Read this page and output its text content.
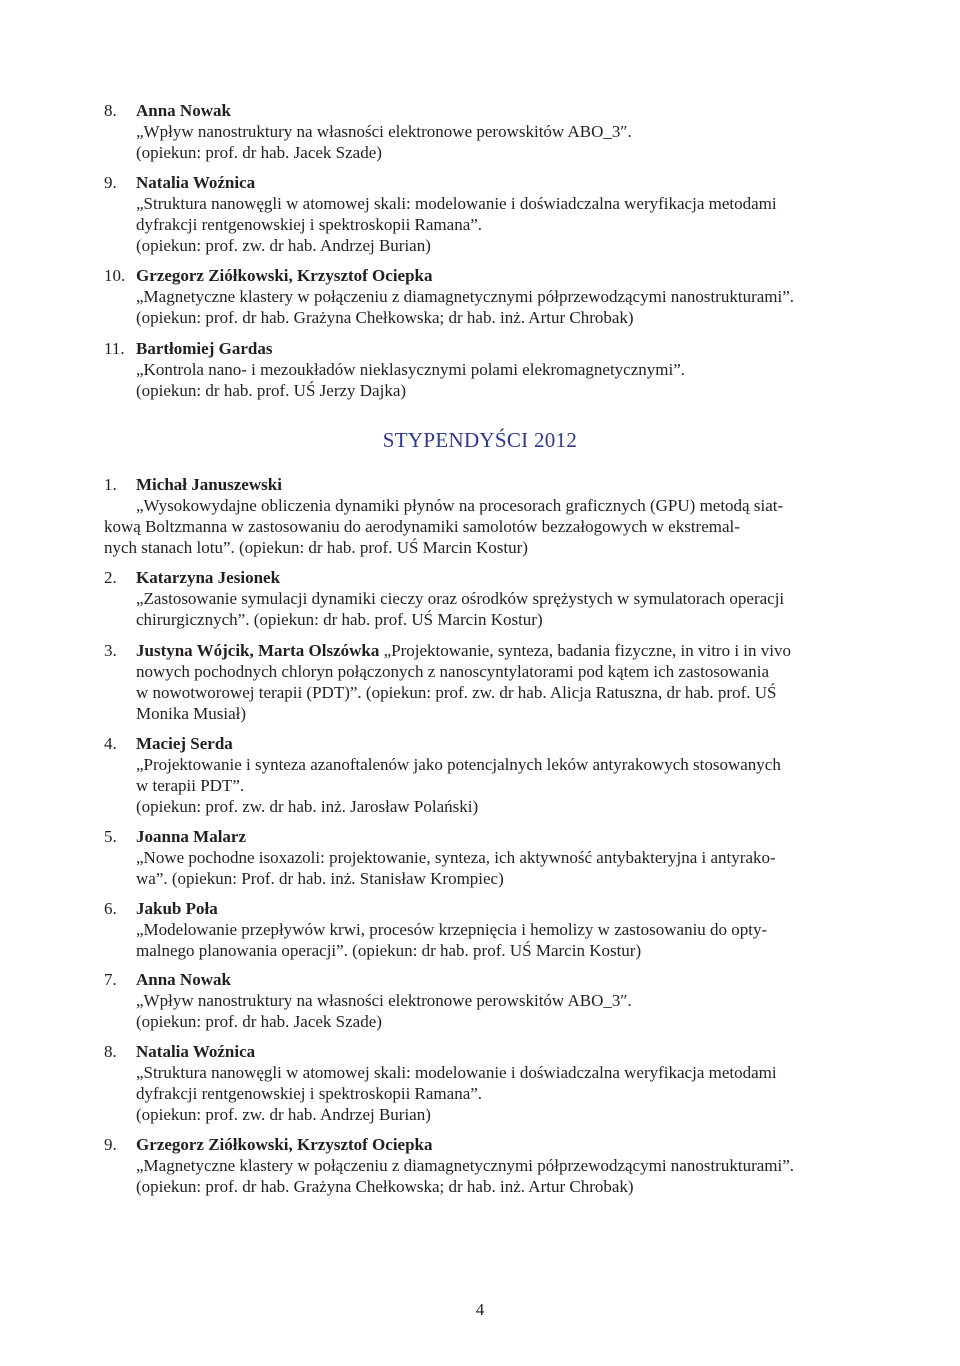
8. Anna Nowak
„Wpływ nanostruktury na własności elektronowe perowskitów ABO_3″.
(opiekun: prof. dr hab. Jacek Szade)
9. Natalia Woźnica
„Struktura nanowęgli w atomowej skali: modelowanie i doświadczalna weryfikacja metodami
dyfrakcji rentgenowskiej i spektroskopii Ramana”.
(opiekun: prof. zw. dr hab. Andrzej Burian)
10. Grzegorz Ziółkowski, Krzysztof Ociepka
„Magnetyczne klastery w połączeniu z diamagnetycznymi półprzewodzącymi nanostrukturami”.
(opiekun: prof. dr hab. Grażyna Chełkowska; dr hab. inż. Artur Chrobak)
11. Bartłomiej Gardas
„Kontrola nano- i mezoukładów nieklasycznymi polami elekromagnetycznymi”.
(opiekun: dr hab. prof. UŚ Jerzy Dajka)
STYPENDYŚCI 2012
1. Michał Januszewski
„Wysokowydajne obliczenia dynamiki płynów na procesorach graficznych (GPU) metodą siat-
kową Boltzmanna w zastosowaniu do aerodynamiki samolotów bezzałogowych w ekstremal-
nych stanach lotu”. (opiekun: dr hab. prof. UŚ Marcin Kostur)
2. Katarzyna Jesionek
„Zastosowanie symulacji dynamiki cieczy oraz ośrodków sprężystych w symulatorach operacji
chirurgicznych”. (opiekun: dr hab. prof. UŚ Marcin Kostur)
3. Justyna Wójcik, Marta Olszówka „Projektowanie, synteza, badania fizyczne, in vitro i in vivo
nowych pochodnych chloryn połączonych z nanoscyntylatorami pod kątem ich zastosowania
w nowotworowej terapii (PDT)”. (opiekun: prof. zw. dr hab. Alicja Ratuszna, dr hab. prof. UŚ
Monika Musiał)
4. Maciej Serda
„Projektowanie i synteza azanoftalenów jako potencjalnych leków antyrakowych stosowanych
w terapii PDT”.
(opiekun: prof. zw. dr hab. inż. Jarosław Polański)
5. Joanna Malarz
„Nowe pochodne isoxazoli: projektowanie, synteza, ich aktywność antybakteryjna i antyrako-
wa”. (opiekun: Prof. dr hab. inż. Stanisław Krompiec)
6. Jakub Poła
„Modelowanie przepływów krwi, procesów krzepnięcia i hemolizy w zastosowaniu do opty-
malnego planowania operacji”. (opiekun: dr hab. prof. UŚ Marcin Kostur)
7. Anna Nowak
„Wpływ nanostruktury na własności elektronowe perowskitów ABO_3″.
(opiekun: prof. dr hab. Jacek Szade)
8. Natalia Woźnica
„Struktura nanowęgli w atomowej skali: modelowanie i doświadczalna weryfikacja metodami
dyfrakcji rentgenowskiej i spektroskopii Ramana”.
(opiekun: prof. zw. dr hab. Andrzej Burian)
9. Grzegorz Ziółkowski, Krzysztof Ociepka
„Magnetyczne klastery w połączeniu z diamagnetycznymi półprzewodzącymi nanostrukturami”.
(opiekun: prof. dr hab. Grażyna Chełkowska; dr hab. inż. Artur Chrobak)
4
